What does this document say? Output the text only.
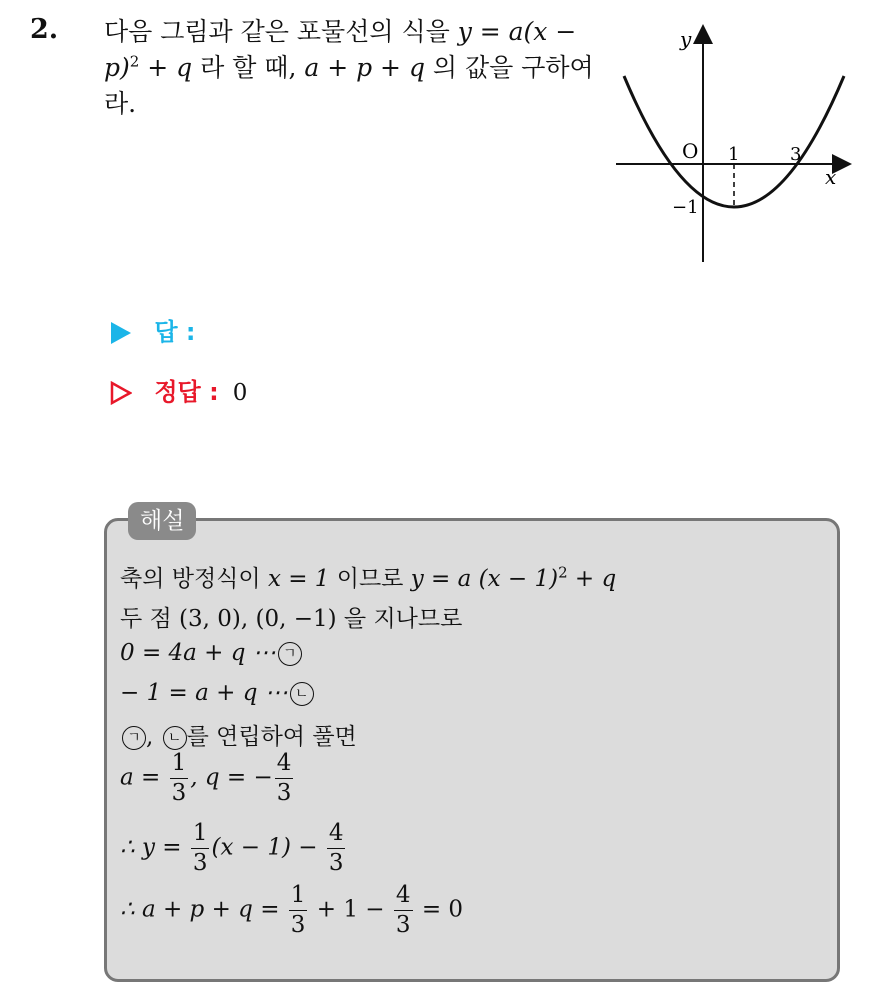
2. 다음 그림과 같은 포물선의 식을 y = a(x −
p)$^2$ + q 라 할 때, a + p + q 의 값을 구하여
라.
y
x
O 1	3
−1
답 :
정답 : 0
해설
축의 방정식이 x = 1 이므로 y = a $(x - 1)^2 + q$
두 점 (3, 0), (0, −1) 을 지나므로
0 = 4a + q ⋯ ㄱ
− 1 = a + q ⋯ ㄴ
ㄱ , ㄴ 를 연립하여 풀면
$a = \frac{1}{3}$ , q = − $\frac{4}{3}$
∴ $y = \frac{1}{3} (x - 1) - \frac{4}{3}$
∴ $a + p + q = \frac{1}{3} + 1 - \frac{4}{3} = 0$
